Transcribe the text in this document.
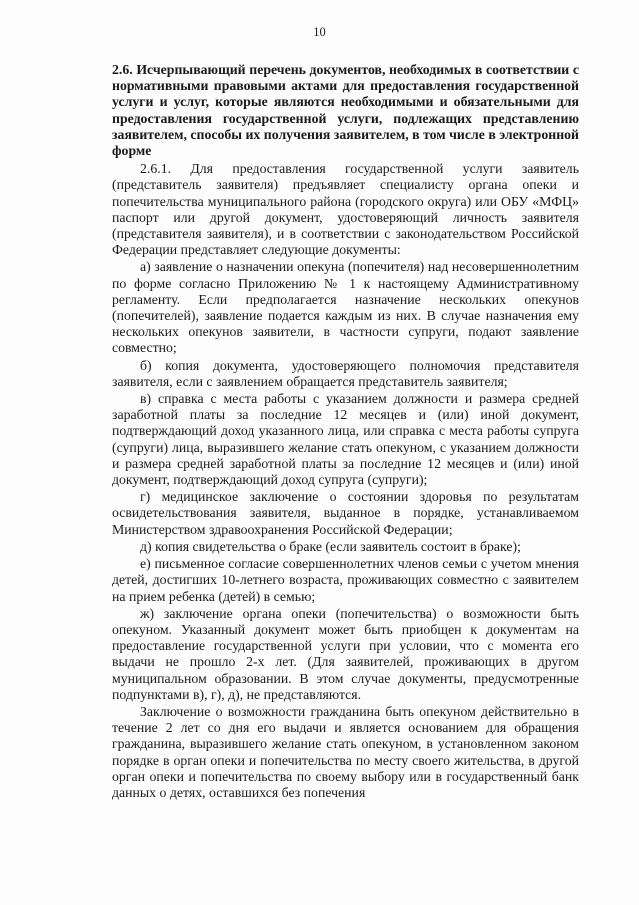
10

2.6. Исчерпывающий перечень документов, необходимых в соответствии с нормативными правовыми актами для предоставления государственной услуги и услуг, которые являются необходимыми и обязательными для предоставления государственной услуги, подлежащих представлению заявителем, способы их получения заявителем, в том числе в электронной форме

2.6.1. Для предоставления государственной услуги заявитель (представитель заявителя) предъявляет специалисту органа опеки и попечительства муниципального района (городского округа) или ОБУ «МФЦ» паспорт или другой документ, удостоверяющий личность заявителя (представителя заявителя), и в соответствии с законодательством Российской Федерации представляет следующие документы:

а) заявление о назначении опекуна (попечителя) над несовершеннолетним по форме согласно Приложению № 1 к настоящему Административному регламенту. Если предполагается назначение нескольких опекунов (попечителей), заявление подается каждым из них. В случае назначения ему нескольких опекунов заявители, в частности супруги, подают заявление совместно;

б) копия документа, удостоверяющего полномочия представителя заявителя, если с заявлением обращается представитель заявителя;

в) справка с места работы с указанием должности и размера средней заработной платы за последние 12 месяцев и (или) иной документ, подтверждающий доход указанного лица, или справка с места работы супруга (супруги) лица, выразившего желание стать опекуном, с указанием должности и размера средней заработной платы за последние 12 месяцев и (или) иной документ, подтверждающий доход супруга (супруги);

г) медицинское заключение о состоянии здоровья по результатам освидетельствования заявителя, выданное в порядке, устанавливаемом Министерством здравоохранения Российской Федерации;

д) копия свидетельства о браке (если заявитель состоит в браке);

е) письменное согласие совершеннолетних членов семьи с учетом мнения детей, достигших 10-летнего возраста, проживающих совместно с заявителем на прием ребенка (детей) в семью;

ж) заключение органа опеки (попечительства) о возможности быть опекуном. Указанный документ может быть приобщен к документам на предоставление государственной услуги при условии, что с момента его выдачи не прошло 2-х лет. (Для заявителей, проживающих в другом муниципальном образовании. В этом случае документы, предусмотренные подпунктами в), г), д), не представляются.

Заключение о возможности гражданина быть опекуном действительно в течение 2 лет со дня его выдачи и является основанием для обращения гражданина, выразившего желание стать опекуном, в установленном законом порядке в орган опеки и попечительства по месту своего жительства, в другой орган опеки и попечительства по своему выбору или в государственный банк данных о детях, оставшихся без попечения
